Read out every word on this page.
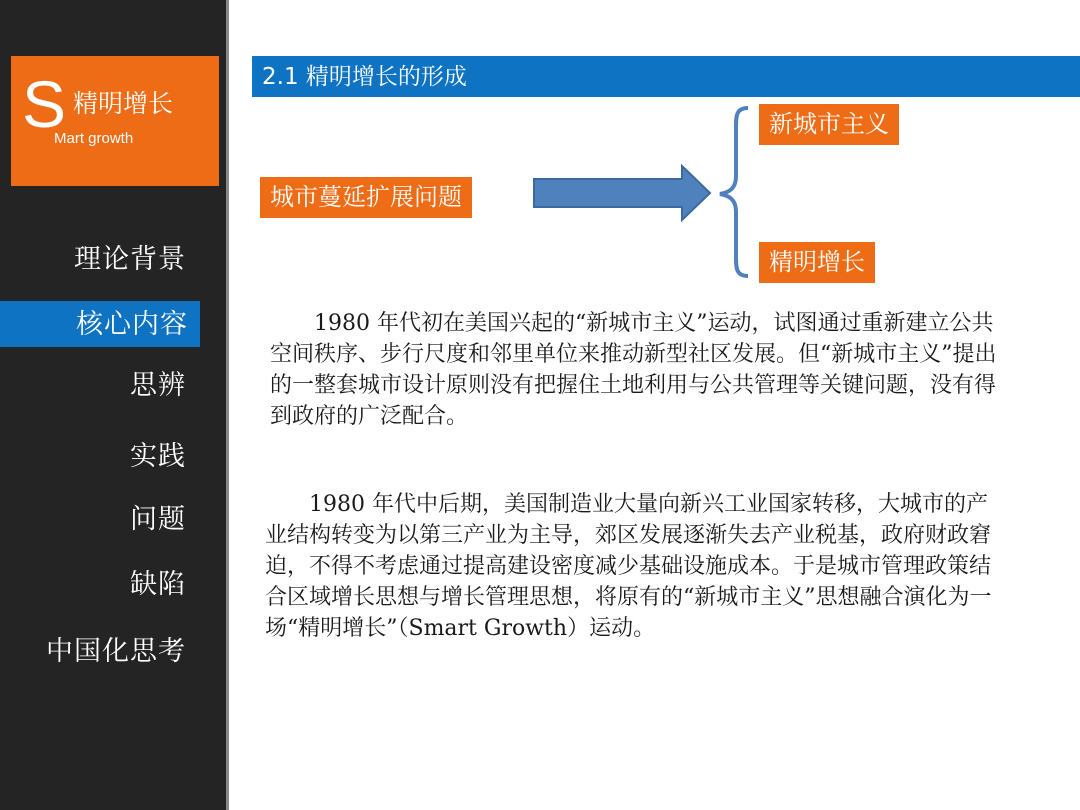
S 精明增长
Mart growth
理论背景
核心内容
思辨
实践
问题
缺陷
中国化思考
2.1 精明增长的形成
城市蔓延扩展问题
新城市主义
精明增长
1980 年代初在美国兴起的“新城市主义”运动，试图通过重新建立公共空间秩序、步行尺度和邻里单位来推动新型社区发展。但“新城市主义”提出的一整套城市设计原则没有把握住土地利用与公共管理等关键问题，没有得到政府的广泛配合。
1980 年代中后期，美国制造业大量向新兴工业国家转移，大城市的产业结构转变为以第三产业为主导，郊区发展逐渐失去产业税基，政府财政窘迫，不得不考虑通过提高建设密度减少基础设施成本。于是城市管理政策结合区域增长思想与增长管理思想，将原有的“新城市主义”思想融合演化为一场“精明增长”（Smart Growth）运动。
